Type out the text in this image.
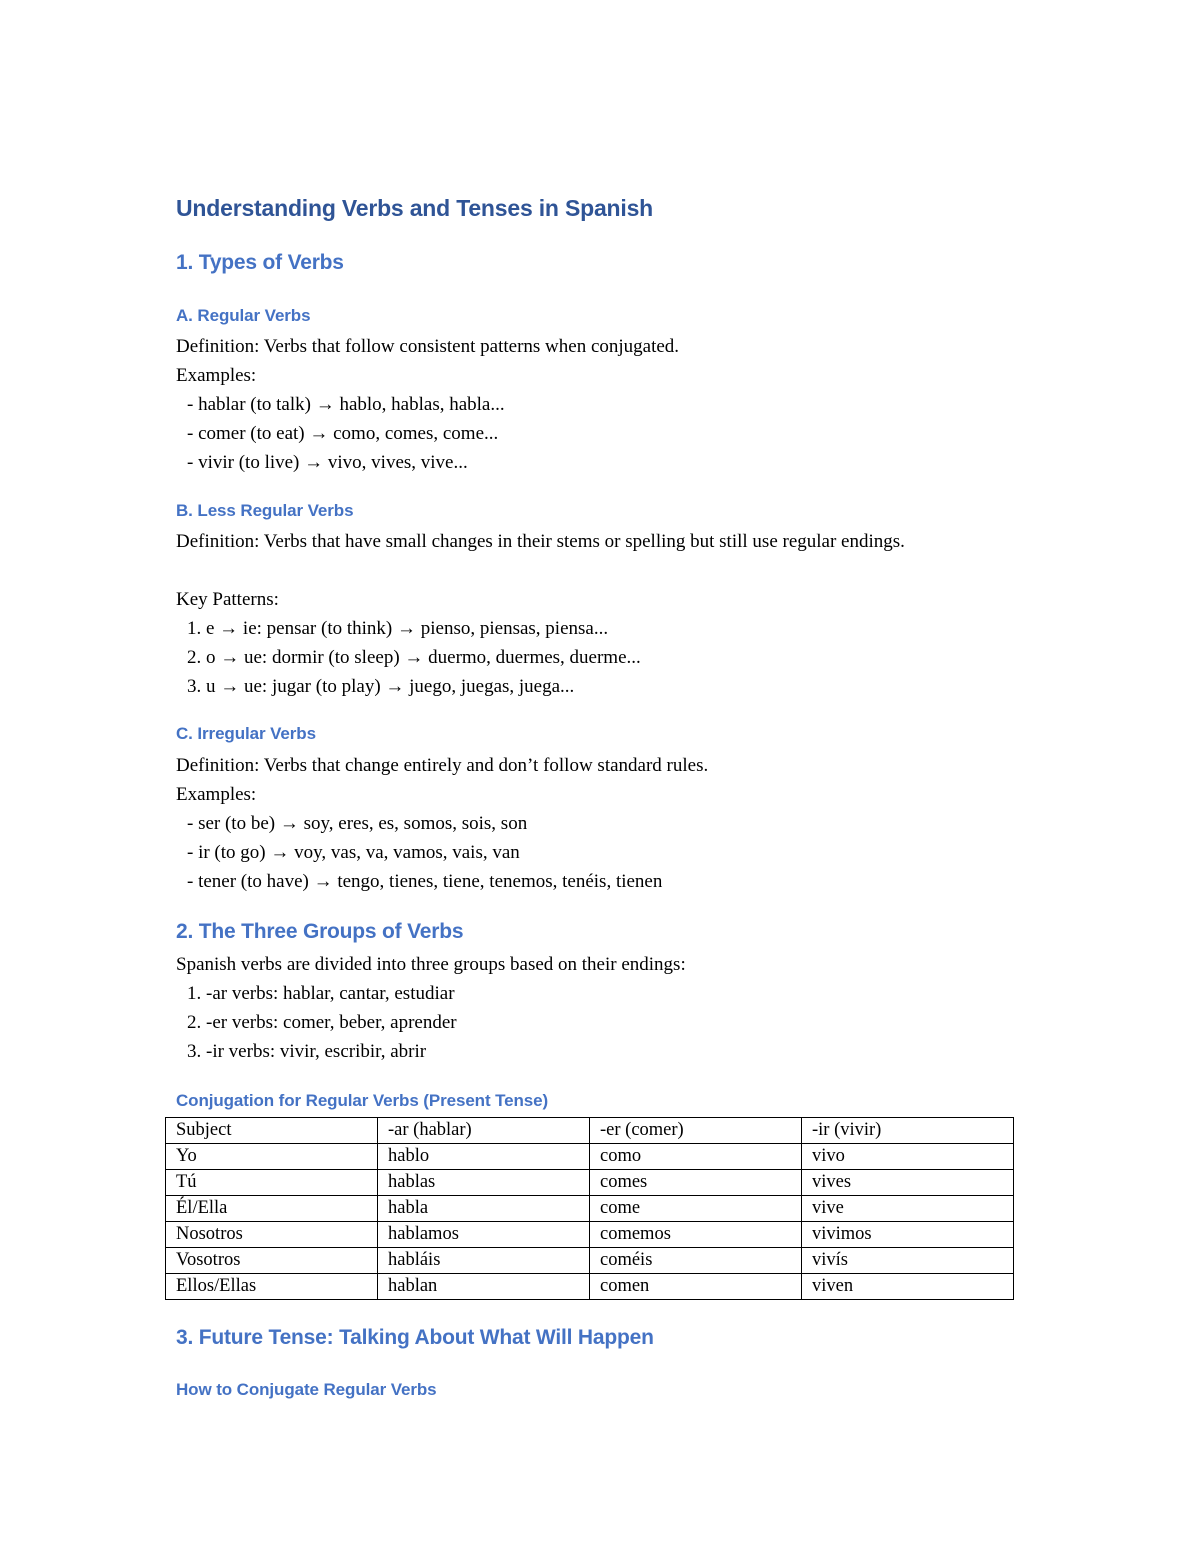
Understanding Verbs and Tenses in Spanish
1. Types of Verbs
A. Regular Verbs
Definition: Verbs that follow consistent patterns when conjugated.
Examples:
- hablar (to talk) → hablo, hablas, habla...
- comer (to eat) → como, comes, come...
- vivir (to live) → vivo, vives, vive...
B. Less Regular Verbs
Definition: Verbs that have small changes in their stems or spelling but still use regular endings.
Key Patterns:
1. e → ie: pensar (to think) → pienso, piensas, piensa...
2. o → ue: dormir (to sleep) → duermo, duermes, duerme...
3. u → ue: jugar (to play) → juego, juegas, juega...
C. Irregular Verbs
Definition: Verbs that change entirely and don’t follow standard rules.
Examples:
- ser (to be) → soy, eres, es, somos, sois, son
- ir (to go) → voy, vas, va, vamos, vais, van
- tener (to have) → tengo, tienes, tiene, tenemos, tenéis, tienen
2. The Three Groups of Verbs
Spanish verbs are divided into three groups based on their endings:
1. -ar verbs: hablar, cantar, estudiar
2. -er verbs: comer, beber, aprender
3. -ir verbs: vivir, escribir, abrir
Conjugation for Regular Verbs (Present Tense)
Subject	-ar (hablar)	-er (comer)	-ir (vivir)
Yo	hablo	como	vivo
Tú	hablas	comes	vives
Él/Ella	habla	come	vive
Nosotros	hablamos	comemos	vivimos
Vosotros	habláis	coméis	vivís
Ellos/Ellas	hablan	comen	viven
3. Future Tense: Talking About What Will Happen
How to Conjugate Regular Verbs
